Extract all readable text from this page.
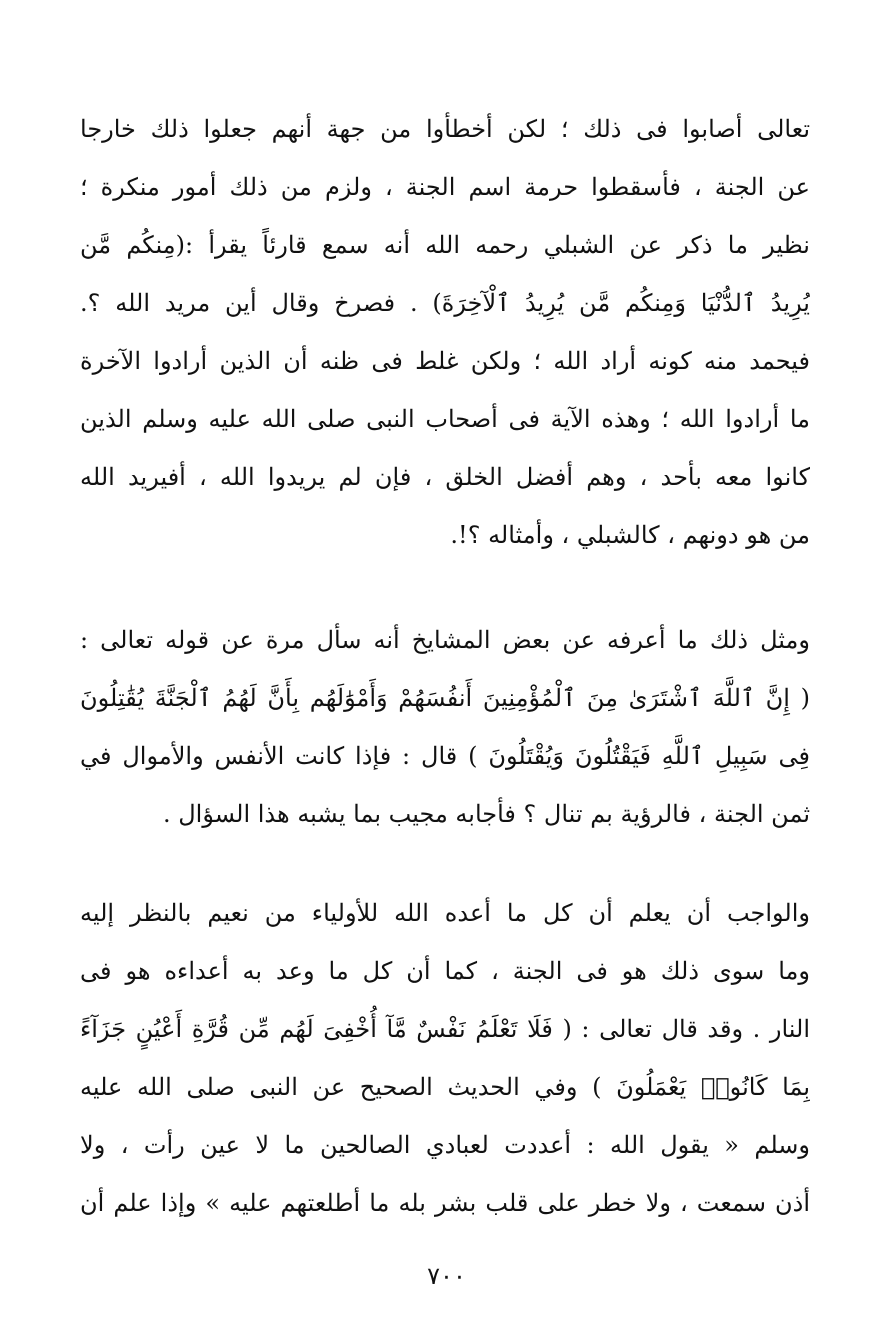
تعالى أصابوا فى ذلك ؛ لكن أخطأوا من جهة أنهم جعلوا ذلك خارجا
عن الجنة ، فأسقطوا حرمة اسم الجنة ، ولزم من ذلك أمور منكرة ؛
نظير ما ذكر عن الشبلي رحمه الله أنه سمع قارئاً يقرأ :(مِنكُم مَّن
يُرِيدُ ٱلدُّنْيَا وَمِنكُم مَّن يُرِيدُ ٱلْآخِرَةَ) . فصرخ وقال أين مريد الله ؟.
فيحمد منه كونه أراد الله ؛ ولكن غلط فى ظنه أن الذين أرادوا الآخرة
ما أرادوا الله ؛ وهذه الآية فى أصحاب النبى صلى الله عليه وسلم الذين
كانوا معه بأحد ، وهم أفضل الخلق ، فإن لم يريدوا الله ، أفيريد الله
من هو دونهم ، كالشبلي ، وأمثاله ؟!.
ومثل ذلك ما أعرفه عن بعض المشايخ أنه سأل مرة عن قوله تعالى :
( إِنَّ ٱللَّهَ ٱشْتَرَىٰ مِنَ ٱلْمُؤْمِنِينَ أَنفُسَهُمْ وَأَمْوَٰلَهُم بِأَنَّ لَهُمُ ٱلْجَنَّةَ يُقَٰتِلُونَ
فِى سَبِيلِ ٱللَّهِ فَيَقْتُلُونَ وَيُقْتَلُونَ ) قال : فإذا كانت الأنفس والأموال في
ثمن الجنة ، فالرؤية بم تنال ؟ فأجابه مجيب بما يشبه هذا السؤال .
والواجب أن يعلم أن كل ما أعده الله للأولياء من نعيم بالنظر إليه
وما سوى ذلك هو فى الجنة ، كما أن كل ما وعد به أعداءه هو فى
النار . وقد قال تعالى : ( فَلَا تَعْلَمُ نَفْسٌ مَّآ أُخْفِىَ لَهُم مِّن قُرَّةِ أَعْيُنٍ جَزَآءً
بِمَا كَانُوا۟ يَعْمَلُونَ ) وفي الحديث الصحيح عن النبى صلى الله عليه
وسلم « يقول الله : أعددت لعبادي الصالحين ما لا عين رأت ، ولا
أذن سمعت ، ولا خطر على قلب بشر بله ما أطلعتهم عليه » وإذا علم أن
٧٠٠
